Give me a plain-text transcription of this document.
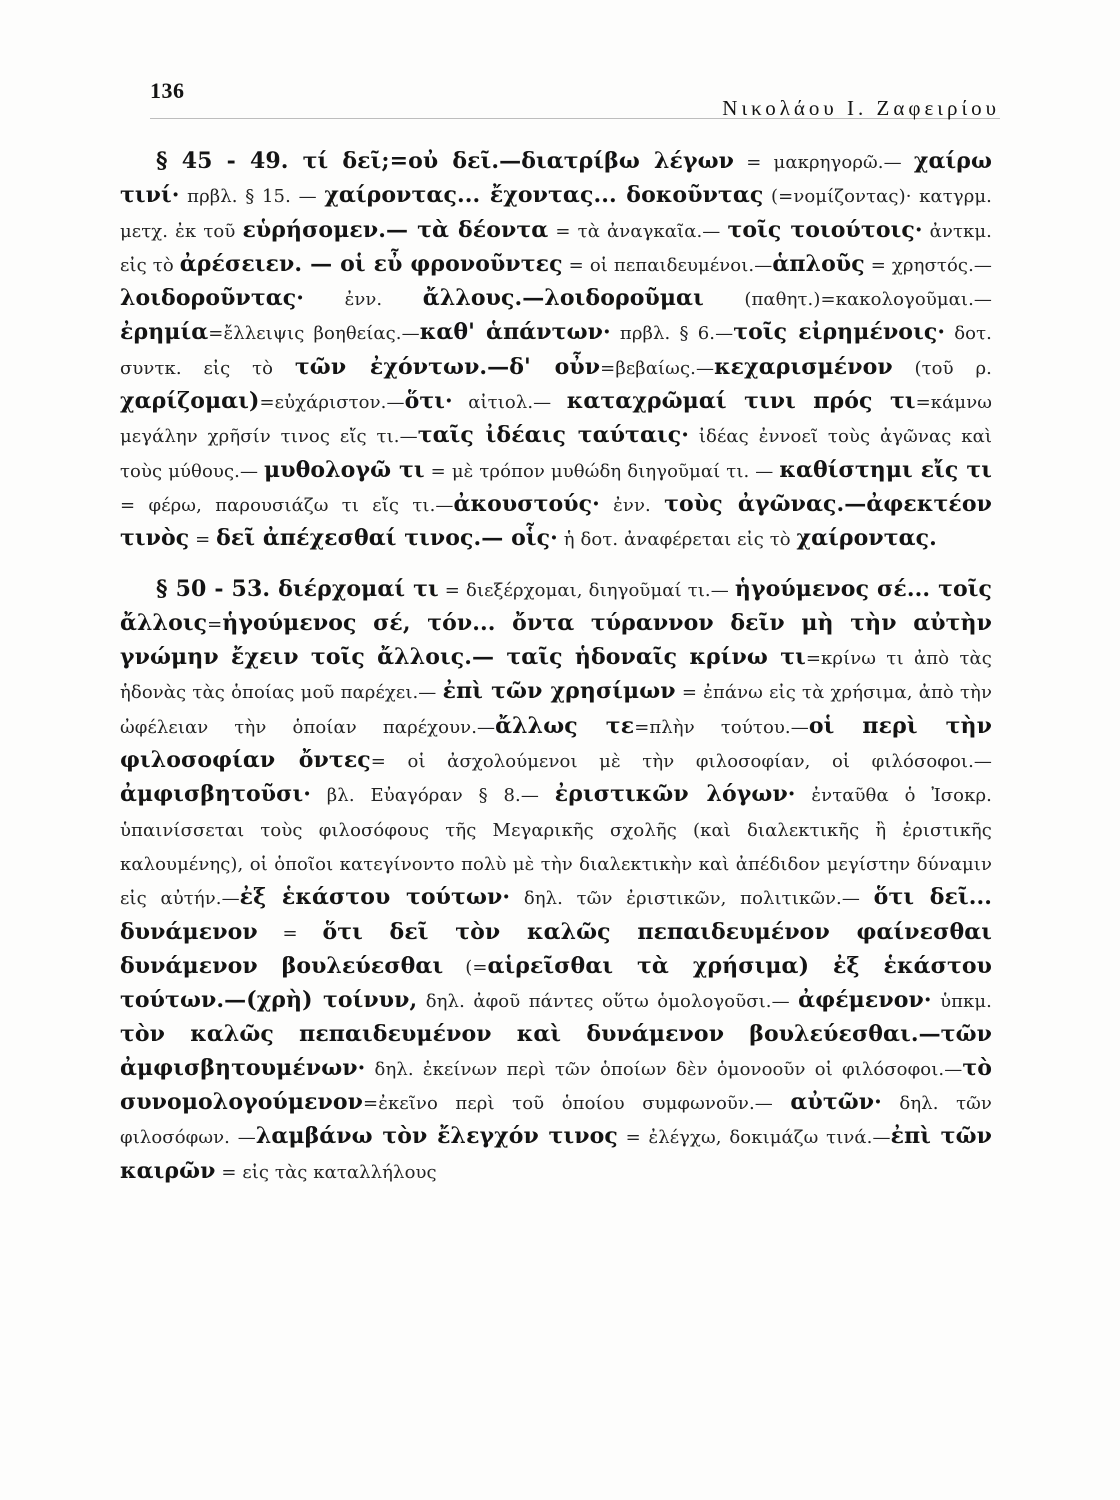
136
Νικολάου Ι. Ζαφειρίου

§ 45 - 49. τί δεῖ;=οὐ δεῖ.—διατρίβω λέγων = μακρηγορῶ.— χαίρω τινί· πρβλ. § 15. — χαίροντας... ἔχοντας... δοκοῦντας (=νομίζοντας)· κατγρμ. μετχ. ἐκ τοῦ εὑρήσομεν.— τὰ δέοντα = τὰ ἀναγκαῖα.— τοῖς τοιούτοις· ἀντκμ. εἰς τὸ ἀρέσειεν. — οἱ εὖ φρονοῦντες = οἱ πεπαιδευμένοι.—ἁπλοῦς = χρηστός.— λοιδοροῦντας· ἐνν. ἄλλους.—λοιδοροῦμαι (παθητ.)=κακολογοῦμαι.—ἐρημία=ἔλλειψις βοηθείας.—καθ' ἁπάντων· πρβλ. § 6.—τοῖς εἰρημένοις· δοτ. συντκ. εἰς τὸ τῶν ἐχόντων.—δ' οὖν=βεβαίως.—κεχαρισμένον (τοῦ ρ. χαρίζομαι)=εὐχάριστον.—ὅτι· αἰτιολ.— καταχρῶμαί τινι πρός τι=κάμνω μεγάλην χρῆσίν τινος εἴς τι.—ταῖς ἰδέαις ταύταις· ἰδέας ἐννοεῖ τοὺς ἀγῶνας καὶ τοὺς μύθους.— μυθολογῶ τι = μὲ τρόπον μυθώδη διηγοῦμαί τι. — καθίστημι εἴς τι = φέρω, παρουσιάζω τι εἴς τι.—ἀκουστούς· ἐνν. τοὺς ἀγῶνας.—ἀφεκτέον τινὸς = δεῖ ἀπέχεσθαί τινος.— οἷς· ἡ δοτ. ἀναφέρεται εἰς τὸ χαίροντας.

§ 50 - 53. διέρχομαί τι = διεξέρχομαι, διηγοῦμαί τι.— ἡγούμενος σέ... τοῖς ἄλλοις=ἡγούμενος σέ, τόν... ὄντα τύραννον δεῖν μὴ τὴν αὐτὴν γνώμην ἔχειν τοῖς ἄλλοις.— ταῖς ἡδοναῖς κρίνω τι=κρίνω τι ἀπὸ τὰς ἡδονὰς τὰς ὁποίας μοῦ παρέχει.— ἐπὶ τῶν χρησίμων = ἐπάνω εἰς τὰ χρήσιμα, ἀπὸ τὴν ὠφέλειαν τὴν ὁποίαν παρέχουν.—ἄλλως τε=πλὴν τούτου.—οἱ περὶ τὴν φιλοσοφίαν ὄντες= οἱ ἀσχολούμενοι μὲ τὴν φιλοσοφίαν, οἱ φιλόσοφοι.— ἀμφισβητοῦσι· βλ. Εὐαγόραν § 8.— ἐριστικῶν λόγων· ἐνταῦθα ὁ Ἰσοκρ. ὑπαινίσσεται τοὺς φιλοσόφους τῆς Μεγαρικῆς σχολῆς (καὶ διαλεκτικῆς ἢ ἐριστικῆς καλουμένης), οἱ ὁποῖοι κατεγίνοντο πολὺ μὲ τὴν διαλεκτικὴν καὶ ἀπέδιδον μεγίστην δύναμιν εἰς αὐτήν.—ἐξ ἑκάστου τούτων· δηλ. τῶν ἐριστικῶν, πολιτικῶν.— ὅτι δεῖ... δυνάμενον = ὅτι δεῖ τὸν καλῶς πεπαιδευμένον φαίνεσθαι δυνάμενον βουλεύεσθαι (=αἱρεῖσθαι τὰ χρήσιμα) ἐξ ἑκάστου τούτων.—(χρὴ) τοίνυν, δηλ. ἀφοῦ πάντες οὕτω ὁμολογοῦσι.— ἀφέμενον· ὑπκμ. τὸν καλῶς πεπαιδευμένον καὶ δυνάμενον βουλεύεσθαι.—τῶν ἀμφισβητουμένων· δηλ. ἐκείνων περὶ τῶν ὁποίων δὲν ὁμονοοῦν οἱ φιλόσοφοι.—τὸ συνομολογούμενον=ἐκεῖνο περὶ τοῦ ὁποίου συμφωνοῦν.— αὐτῶν· δηλ. τῶν φιλοσόφων. —λαμβάνω τὸν ἔλεγχόν τινος = ἐλέγχω, δοκιμάζω τινά.—ἐπὶ τῶν καιρῶν = εἰς τὰς καταλλήλους
